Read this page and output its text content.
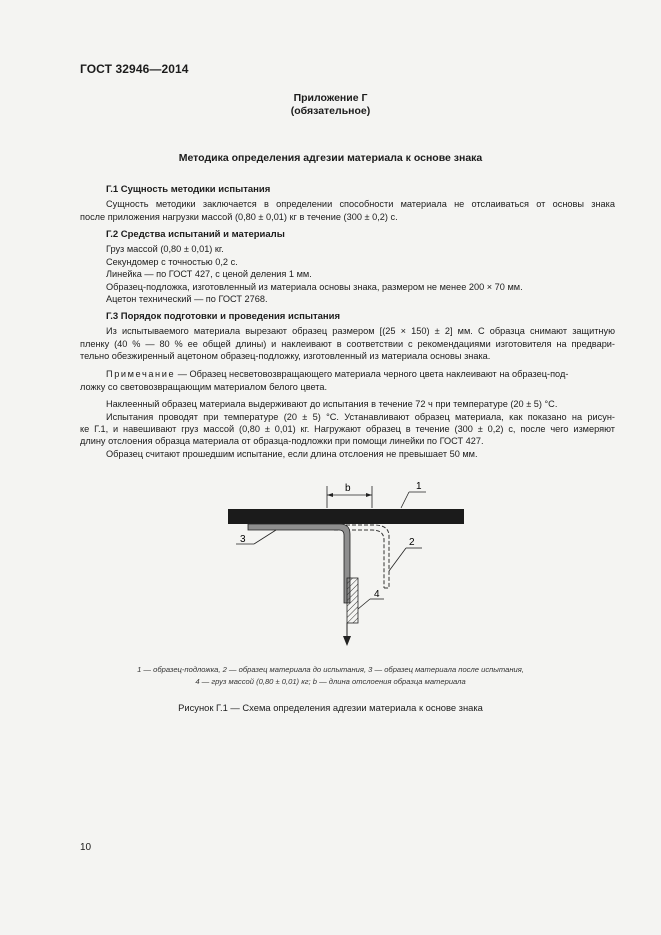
ГОСТ 32946—2014
Приложение Г
(обязательное)
Методика определения адгезии материала к основе знака
Г.1 Сущность методики испытания
Сущность методики заключается в определении способности материала не отслаиваться от основы знака
после приложения нагрузки массой (0,80 ± 0,01) кг в течение (300 ± 0,2) с.
Г.2 Средства испытаний и материалы
Груз массой (0,80 ± 0,01) кг.
Секундомер с точностью 0,2 с.
Линейка — по ГОСТ 427, с ценой деления 1 мм.
Образец-подложка, изготовленный из материала основы знака, размером не менее 200 × 70 мм.
Ацетон технический — по ГОСТ 2768.
Г.3 Порядок подготовки и проведения испытания
Из испытываемого материала вырезают образец размером [(25 × 150) ± 2] мм. С образца снимают защитную
пленку (40 % — 80 % ее общей длины) и наклеивают в соответствии с рекомендациями изготовителя на предвари-
тельно обезжиренный ацетоном образец-подложку, изготовленный из материала основы знака.
Примечание — Образец несветовозвращающего материала черного цвета наклеивают на образец-под-
ложку со световозвращающим материалом белого цвета.
Наклеенный образец материала выдерживают до испытания в течение 72 ч при температуре (20 ± 5) °С.
Испытания проводят при температуре (20 ± 5) °С. Устанавливают образец материала, как показано на рисун-
ке Г.1, и навешивают груз массой (0,80 ± 0,01) кг. Нагружают образец в течение (300 ± 0,2) с, после чего измеряют
длину отслоения образца материала от образца-подложки при помощи линейки по ГОСТ 427.
Образец считают прошедшим испытание, если длина отслоения не превышает 50 мм.
b	1
2
3
4
1 — образец-подложка, 2 — образец материала до испытания, 3 — образец материала после испытания,
4 — груз массой (0,80 ± 0,01) кг; b — длина отслоения образца материала
Рисунок Г.1 — Схема определения адгезии материала к основе знака
10
